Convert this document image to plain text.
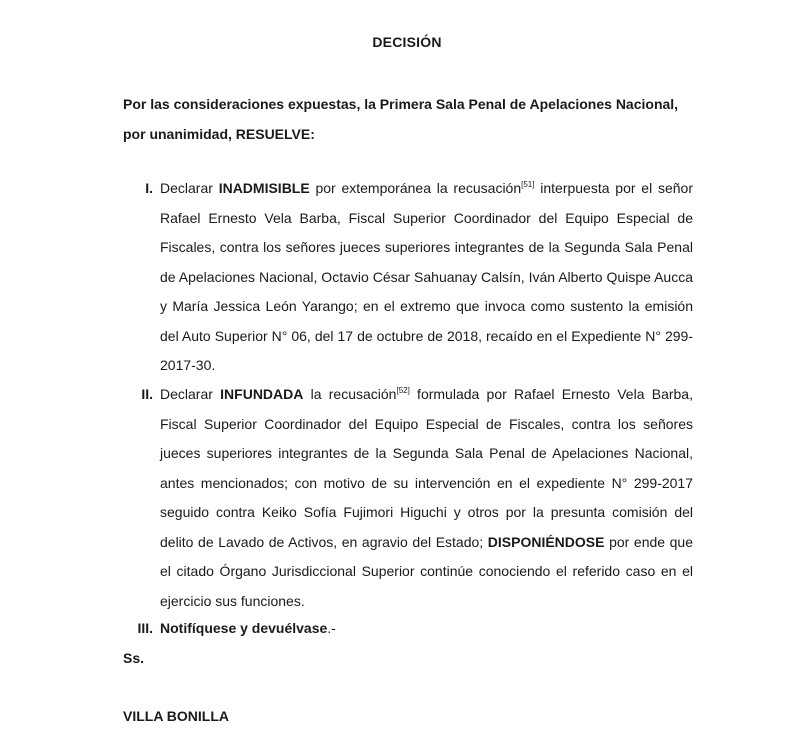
DECISIÓN
Por las consideraciones expuestas, la Primera Sala Penal de Apelaciones Nacional, por unanimidad, RESUELVE:
I. Declarar INADMISIBLE por extemporánea la recusación[51] interpuesta por el señor Rafael Ernesto Vela Barba, Fiscal Superior Coordinador del Equipo Especial de Fiscales, contra los señores jueces superiores integrantes de la Segunda Sala Penal de Apelaciones Nacional, Octavio César Sahuanay Calsín, Iván Alberto Quispe Aucca y María Jessica León Yarango; en el extremo que invoca como sustento la emisión del Auto Superior N° 06, del 17 de octubre de 2018, recaído en el Expediente N° 299-2017-30.
II. Declarar INFUNDADA la recusación[52] formulada por Rafael Ernesto Vela Barba, Fiscal Superior Coordinador del Equipo Especial de Fiscales, contra los señores jueces superiores integrantes de la Segunda Sala Penal de Apelaciones Nacional, antes mencionados; con motivo de su intervención en el expediente N° 299-2017 seguido contra Keiko Sofía Fujimori Higuchi y otros por la presunta comisión del delito de Lavado de Activos, en agravio del Estado; DISPONIÉNDOSE por ende que el citado Órgano Jurisdiccional Superior continúe conociendo el referido caso en el ejercicio sus funciones.
III. Notifíquese y devuélvase.-
Ss.
VILLA BONILLA
